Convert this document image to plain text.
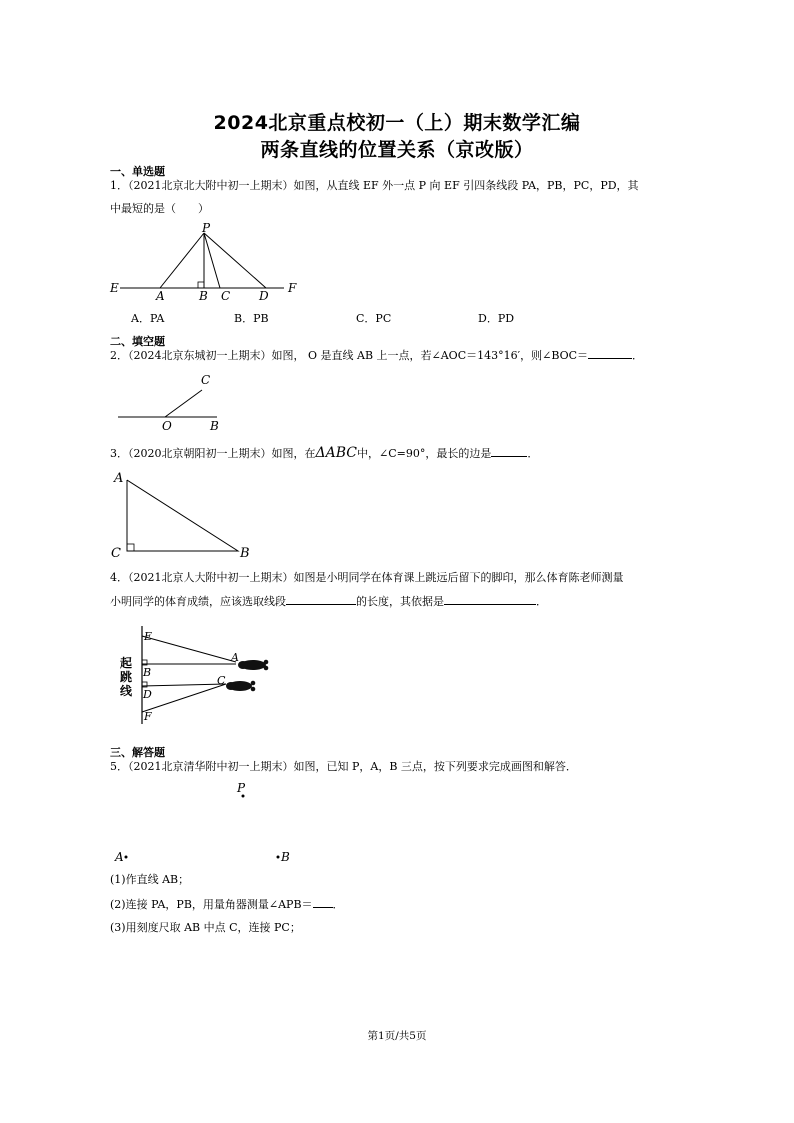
2024北京重点校初一（上）期末数学汇编
两条直线的位置关系（京改版）
一、单选题
1．（2021北京北大附中初一上期末）如图，从直线 EF 外一点 P 向 EF 引四条线段 PA，PB，PC，PD，其
中最短的是（　　）
P
E
A	B C D
F
A．PA	B．PB	C．PC	D．PD
二、填空题
2．（2024北京东城初一上期末）如图， O 是直线 AB 上一点，若∠AOC＝143°16′，则∠BOC＝	．
C
O	B
3．（2020北京朝阳初一上期末）如图，在ΔABC中，∠C=90°，最长的边是	．
A
C	B
4．（2021北京人大附中初一上期末）如图是小明同学在体育课上跳远后留下的脚印，那么体育陈老师测量
小明同学的体育成绩，应该选取线段	的长度，其依据是	．
E
B
D
F
A
C
起跳线
三、解答题
5．（2021北京清华附中初一上期末）如图，已知 P，A，B 三点，按下列要求完成画图和解答．
P
A	B
(1)作直线 AB；
(2)连接 PA，PB，用量角器测量∠APB＝ ．
(3)用刻度尺取 AB 中点 C，连接 PC；
第1页/共5页
